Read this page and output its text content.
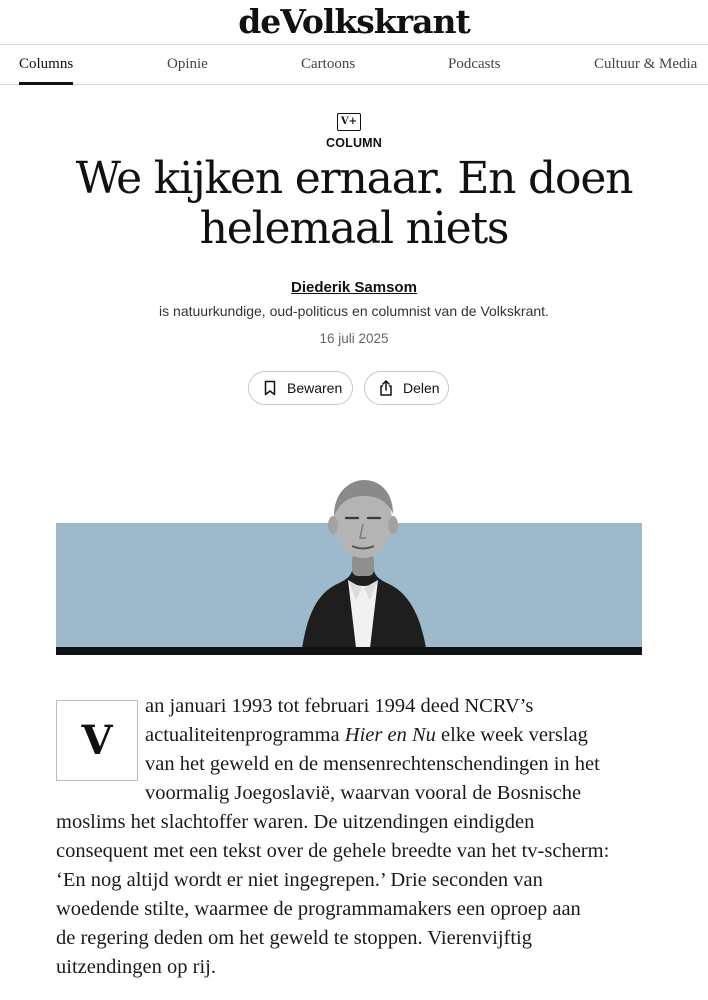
deVolkskrant
Columns	Opinie	Cartoons	Podcasts	Cultuur & Media
V+
COLUMN
We kijken ernaar. En doen
helemaal niets
Diederik Samsom
is natuurkundige, oud-politicus en columnist van de Volkskrant.
16 juli 2025
Bewaren	Delen
V
an januari 1993 tot februari 1994 deed NCRV’s
actualiteitenprogramma Hier en Nu elke week verslag
van het geweld en de mensenrechtenschendingen in het
voormalig Joegoslavië, waarvan vooral de Bosnische
moslims het slachtoffer waren. De uitzendingen eindigden
consequent met een tekst over de gehele breedte van het tv-scherm:
‘En nog altijd wordt er niet ingegrepen.’ Drie seconden van
woedende stilte, waarmee de programmamakers een oproep aan
de regering deden om het geweld te stoppen. Vierenvijftig
uitzendingen op rij.
